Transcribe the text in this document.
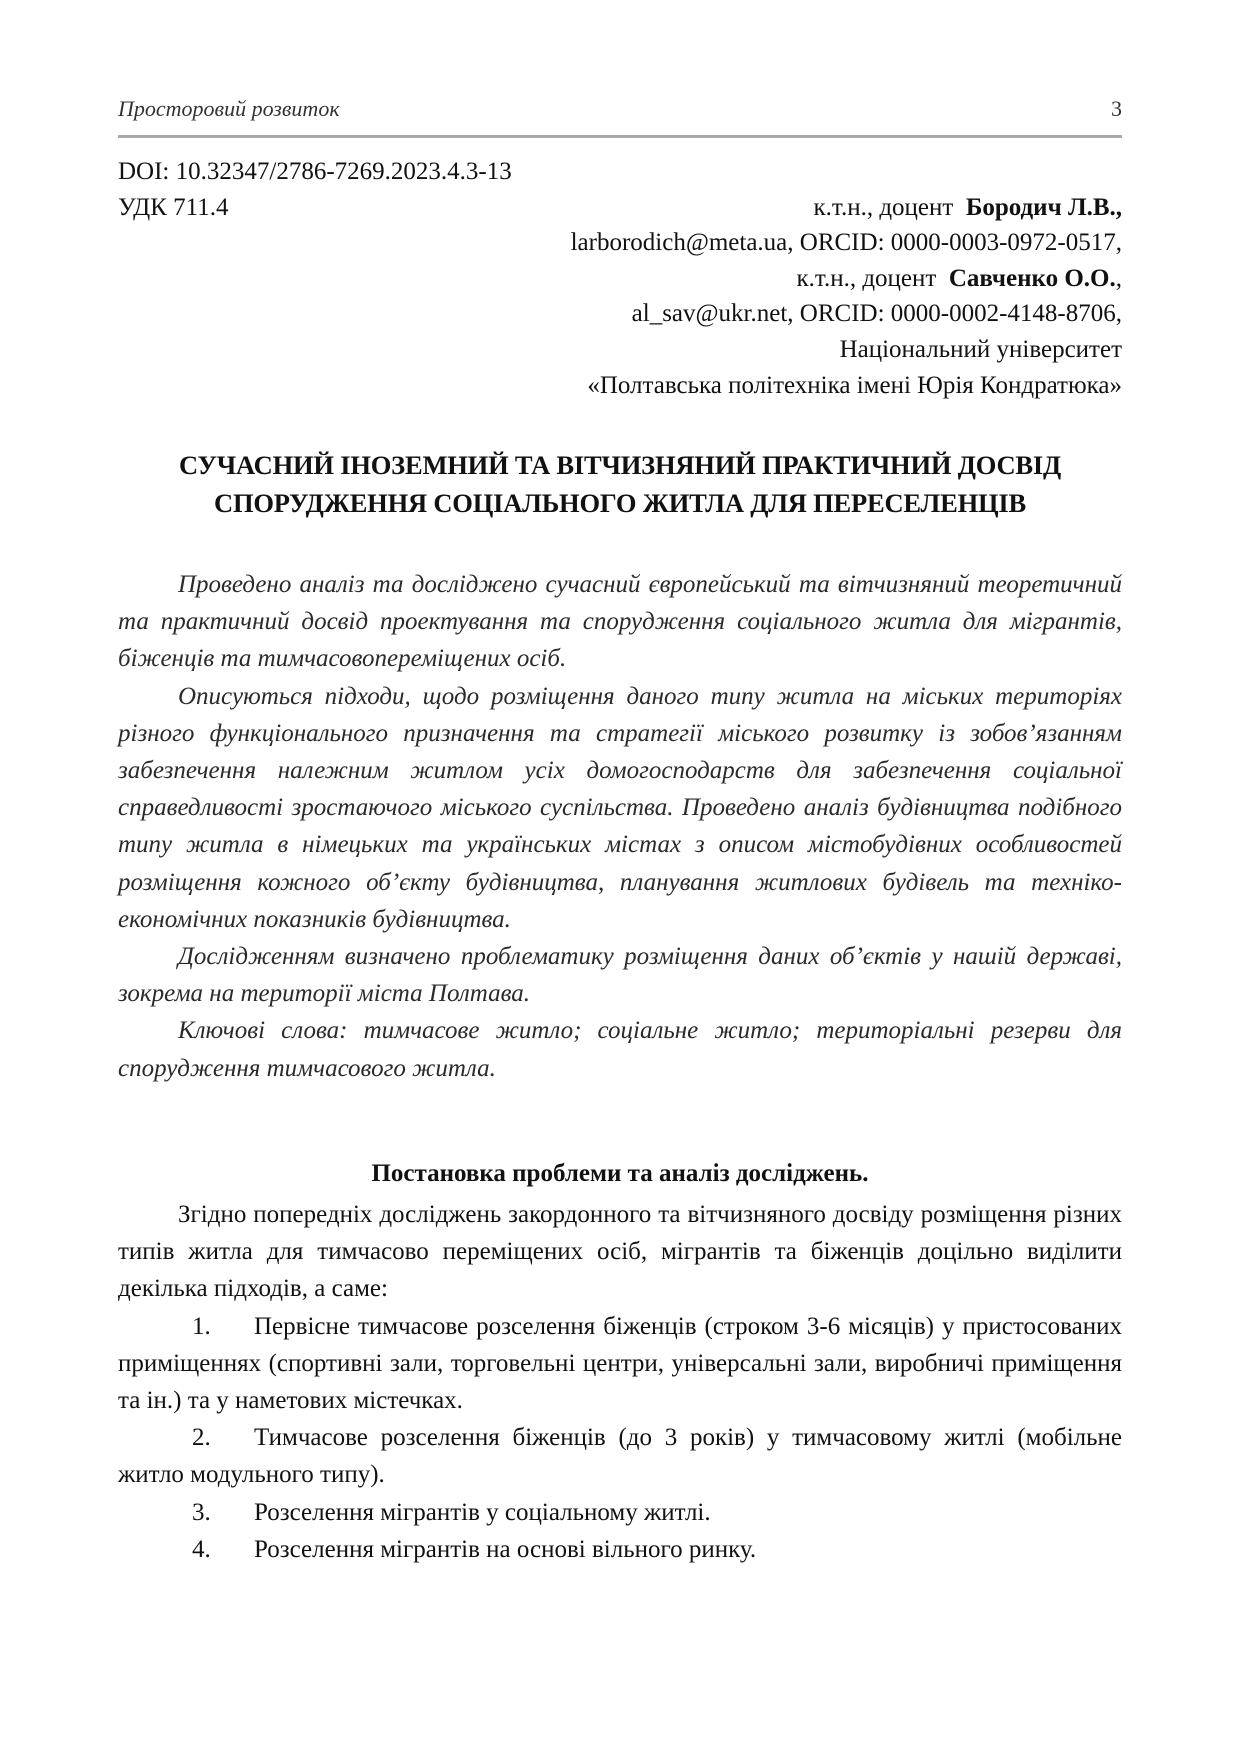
Просторовий розвиток	3
DOI: 10.32347/2786-7269.2023.4.3-13
УДК 711.4	к.т.н., доцент Бородич Л.В.,
larborodich@meta.ua, ORCID: 0000-0003-0972-0517,
к.т.н., доцент Савченко О.О.,
al_sav@ukr.net, ORCID: 0000-0002-4148-8706,
Національний університет
«Полтавська політехніка імені Юрія Кондратюка»
СУЧАСНИЙ ІНОЗЕМНИЙ ТА ВІТЧИЗНЯНИЙ ПРАКТИЧНИЙ ДОСВІД
СПОРУДЖЕННЯ СОЦІАЛЬНОГО ЖИТЛА ДЛЯ ПЕРЕСЕЛЕНЦІВ

Проведено аналіз та досліджено сучасний європейський та вітчизняний теоретичний та практичний досвід проектування та спорудження соціального житла для мігрантів, біженців та тимчасовопереміщених осіб.

Описуються підходи, щодо розміщення даного типу житла на міських територіях різного функціонального призначення та стратегії міського розвитку із зобов’язанням забезпечення належним житлом усіх домогосподарств для забезпечення соціальної справедливості зростаючого міського суспільства. Проведено аналіз будівництва подібного типу житла в німецьких та українських містах з описом містобудівних особливостей розміщення кожного об’єкту будівництва, планування житлових будівель та техніко-економічних показників будівництва.

Дослідженням визначено проблематику розміщення даних об’єктів у нашій державі, зокрема на території міста Полтава.

Ключові слова: тимчасове житло; соціальне житло; територіальні резерви для спорудження тимчасового житла.

Постановка проблеми та аналіз досліджень.

Згідно попередніх досліджень закордонного та вітчизняного досвіду розміщення різних типів житла для тимчасово переміщених осіб, мігрантів та біженців доцільно виділити декілька підходів, а саме:

1. Первісне тимчасове розселення біженців (строком 3-6 місяців) у пристосованих приміщеннях (спортивні зали, торговельні центри, універсальні зали, виробничі приміщення та ін.) та у наметових містечках.
2. Тимчасове розселення біженців (до 3 років) у тимчасовому житлі (мобільне житло модульного типу).
3. Розселення мігрантів у соціальному житлі.
4. Розселення мігрантів на основі вільного ринку.
